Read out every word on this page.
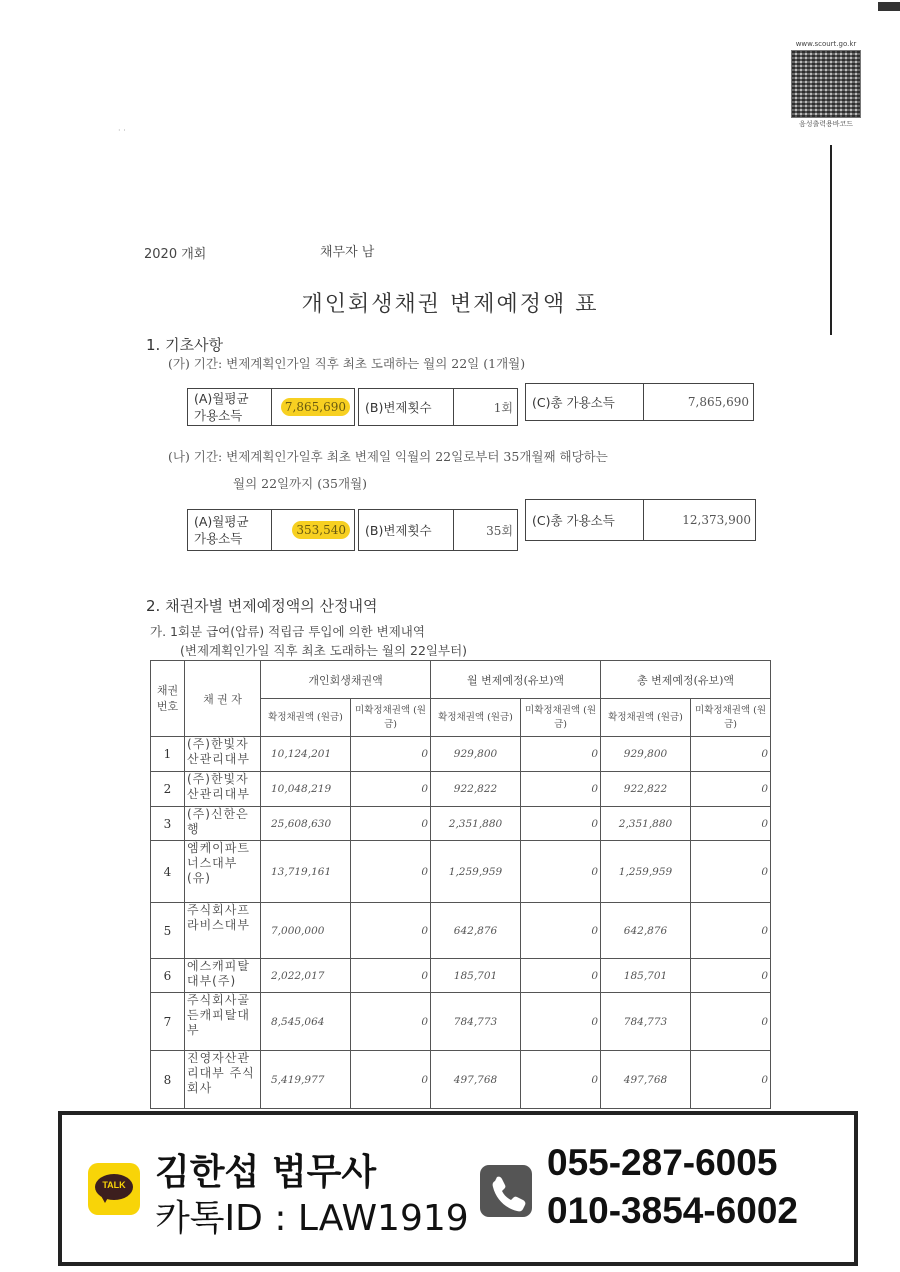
· ·
www.scourt.go.kr
음성출력용바코드
2020 개회	채무자 남
개인회생채권 변제예정액 표
1. 기초사항
(가) 기간: 변제계획인가일 직후 최초 도래하는 월의 22일 (1개월)
(A)월평균
가용소득
7,865,690	(B)변제횟수	1회 (C)총 가용소득	7,865,690
(나) 기간: 변제계획인가일후 최초 변제일 익월의 22일로부터 35개월째 해당하는
월의 22일까지 (35개월)
(A)월평균
가용소득
353,540	(B)변제횟수	35회
(C)총 가용소득	12,373,900
2. 채권자별 변제예정액의 산정내역
가. 1회분 급여(압류) 적립금 투입에 의한 변제내역
(변제계획인가일 직후 최초 도래하는 월의 22일부터)
채권 번호	채 권 자	개인회생채권액		월 변제예정(유보)액		총 변제예정(유보)액	
		확정채권액 (원금)	미확정채권액 (원금)	확정채권액 (원금)	미확정채권액 (원금)	확정채권액 (원금)	미확정채권액 (원금)
1	(주)한빛자산관리대부	10,124,201	0	929,800	0	929,800	0
2	(주)한빛자산관리대부	10,048,219	0	922,822	0	922,822	0
3	(주)신한은행	25,608,630	0	2,351,880	0	2,351,880	0
4	엠케이파트너스대부(유)	13,719,161	0	1,259,959	0	1,259,959	0
5	주식회사프라비스대부	7,000,000	0	642,876	0	642,876	0
6	에스캐피탈대부(주)	2,022,017	0	185,701	0	185,701	0
7	주식회사골든캐피탈대부	8,545,064	0	784,773	0	784,773	0
8	진영자산관리대부 주식회사	5,419,977	0	497,768	0	497,768	0
TALK 김한섭 법무사
카톡ID : LAW1919
055-287-6005
010-3854-6002
